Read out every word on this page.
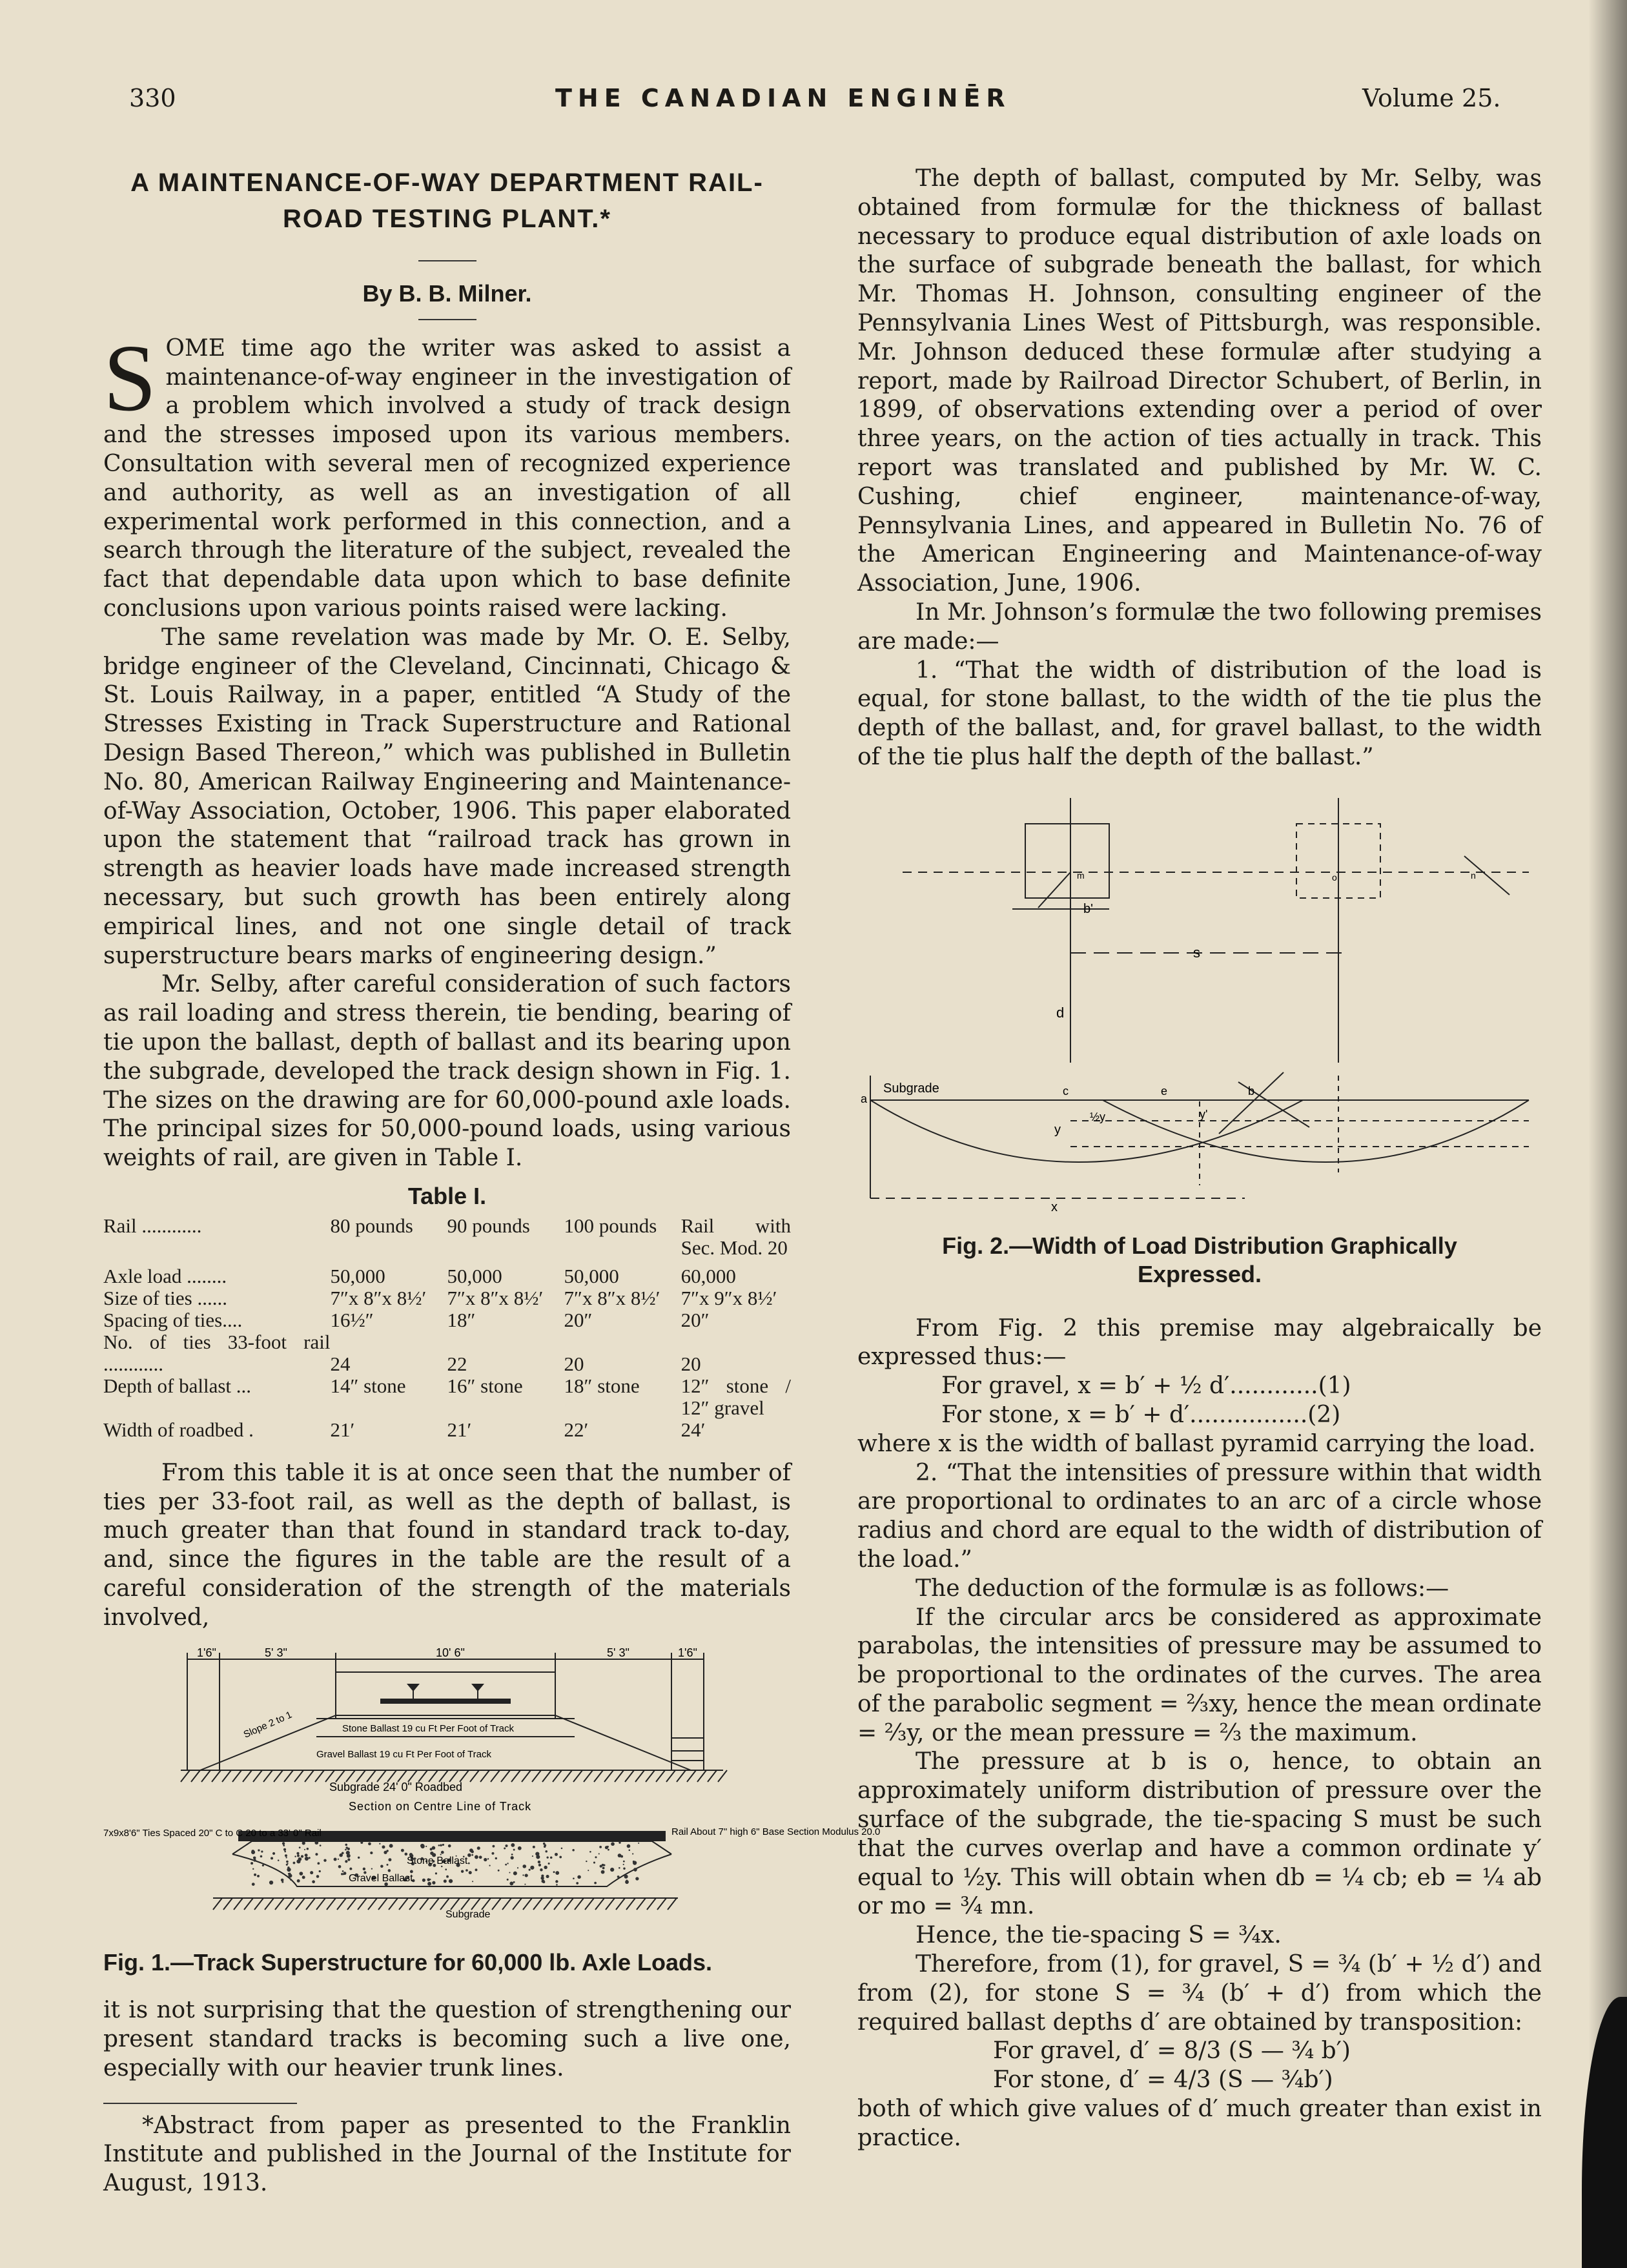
330	THE CANADIAN ENGINĒR	Volume 25.
A MAINTENANCE-OF-WAY DEPARTMENT RAIL-
ROAD TESTING PLANT.*
By B. B. Milner.

SOME time ago the writer was asked to assist a maintenance-of-way engineer in the investigation of a problem which involved a study of track design and the stresses imposed upon its various members. Consultation with several men of recognized experience and authority, as well as an investigation of all experimental work performed in this connection, and a search through the literature of the subject, revealed the fact that dependable data upon which to base definite conclusions upon various points raised were lacking.

The same revelation was made by Mr. O. E. Selby, bridge engineer of the Cleveland, Cincinnati, Chicago & St. Louis Railway, in a paper, entitled “A Study of the Stresses Existing in Track Superstructure and Rational Design Based Thereon,” which was published in Bulletin No. 80, American Railway Engineering and Maintenance-of-Way Association, October, 1906. This paper elaborated upon the statement that “railroad track has grown in strength as heavier loads have made increased strength necessary, but such growth has been entirely along empirical lines, and not one single detail of track superstructure bears marks of engineering design.”

Mr. Selby, after careful consideration of such factors as rail loading and stress therein, tie bending, bearing of tie upon the ballast, depth of ballast and its bearing upon the subgrade, developed the track design shown in Fig. 1. The sizes on the drawing are for 60,000-pound axle loads. The principal sizes for 50,000-pound loads, using various weights of rail, are given in Table I.

Table I.
Rail ............	80 pounds	90 pounds	100 pounds	Rail with Sec. Mod. 20

Axle load ........	50,000	50,000	50,000	60,000
Size of ties ......	7″x 8″x 8½′	7″x 8″x 8½′	7″x 8″x 8½′	7″x 9″x 8½′
Spacing of ties....	16½″	18″	20″	20″
No. of ties 33-foot rail ............	24	22	20	20
Depth of ballast ...	14″ stone	16″ stone	18″ stone	12″ stone / 12″ gravel
Width of roadbed .	21′	21′	22′	24′

From this table it is at once seen that the number of ties per 33-foot rail, as well as the depth of ballast, is much greater than that found in standard track to-day, and, since the figures in the table are the result of a careful consideration of the strength of the materials involved,

1'6"	5' 3"	10' 6"	5' 3"	1'6"
Stone Ballast 19 cu Ft Per Foot of Track
Gravel Ballast 19 cu Ft Per Foot of Track
Slope 2 to 1
Subgrade 24' 0" Roadbed
Section on Centre Line of Track
7x9x8'6" Ties Spaced 20" C to C 20 to a 33' 0" Rail	Rail About 7" high 6" Base Section Modulus 20.0
Stone Ballast
Gravel Ballast
Subgrade
Fig. 1.—Track Superstructure for 60,000 lb. Axle Loads.

it is not surprising that the question of strengthening our present standard tracks is becoming such a live one, especially with our heavier trunk lines.

*Abstract from paper as presented to the Franklin Institute and published in the Journal of the Institute for August, 1913.

The depth of ballast, computed by Mr. Selby, was obtained from formulæ for the thickness of ballast necessary to produce equal distribution of axle loads on the surface of subgrade beneath the ballast, for which Mr. Thomas H. Johnson, consulting engineer of the Pennsylvania Lines West of Pittsburgh, was responsible. Mr. Johnson deduced these formulæ after studying a report, made by Railroad Director Schubert, of Berlin, in 1899, of observations extending over a period of over three years, on the action of ties actually in track. This report was translated and published by Mr. W. C. Cushing, chief engineer, maintenance-of-way, Pennsylvania Lines, and appeared in Bulletin No. 76 of the American Engineering and Maintenance-of-way Association, June, 1906.

In Mr. Johnson’s formulæ the two following premises are made:—

1. “That the width of distribution of the load is equal, for stone ballast, to the width of the tie plus the depth of the ballast, and, for gravel ballast, to the width of the tie plus half the depth of the ballast.”

Subgrade
s
b'
d
x
y
½y	y'
a
b
c	e
m	n
o
Fig. 2.—Width of Load Distribution Graphically Expressed.

From Fig. 2 this premise may algebraically be expressed thus:—

For gravel, x = b′ + ½ d′............(1)

For stone, x = b′ + d′................(2)

where x is the width of ballast pyramid carrying the load.

2. “That the intensities of pressure within that width are proportional to ordinates to an arc of a circle whose radius and chord are equal to the width of distribution of the load.”

The deduction of the formulæ is as follows:—

If the circular arcs be considered as approximate parabolas, the intensities of pressure may be assumed to be proportional to the ordinates of the curves. The area of the parabolic segment = ⅔xy, hence the mean ordinate = ⅔y, or the mean pressure = ⅔ the maximum.

The pressure at b is o, hence, to obtain an approximately uniform distribution of pressure over the surface of the subgrade, the tie-spacing S must be such that the curves overlap and have a common ordinate y′ equal to ½y. This will obtain when db = ¼ cb; eb = ¼ ab or mo = ¾ mn.

Hence, the tie-spacing S = ¾x.

Therefore, from (1), for gravel, S = ¾ (b′ + ½ d′) and from (2), for stone S = ¾ (b′ + d′) from which the required ballast depths d′ are obtained by transposition:

For gravel, d′ = 8/3 (S — ¾ b′)

For stone, d′ = 4/3 (S — ¾b′)

both of which give values of d′ much greater than exist in practice.
